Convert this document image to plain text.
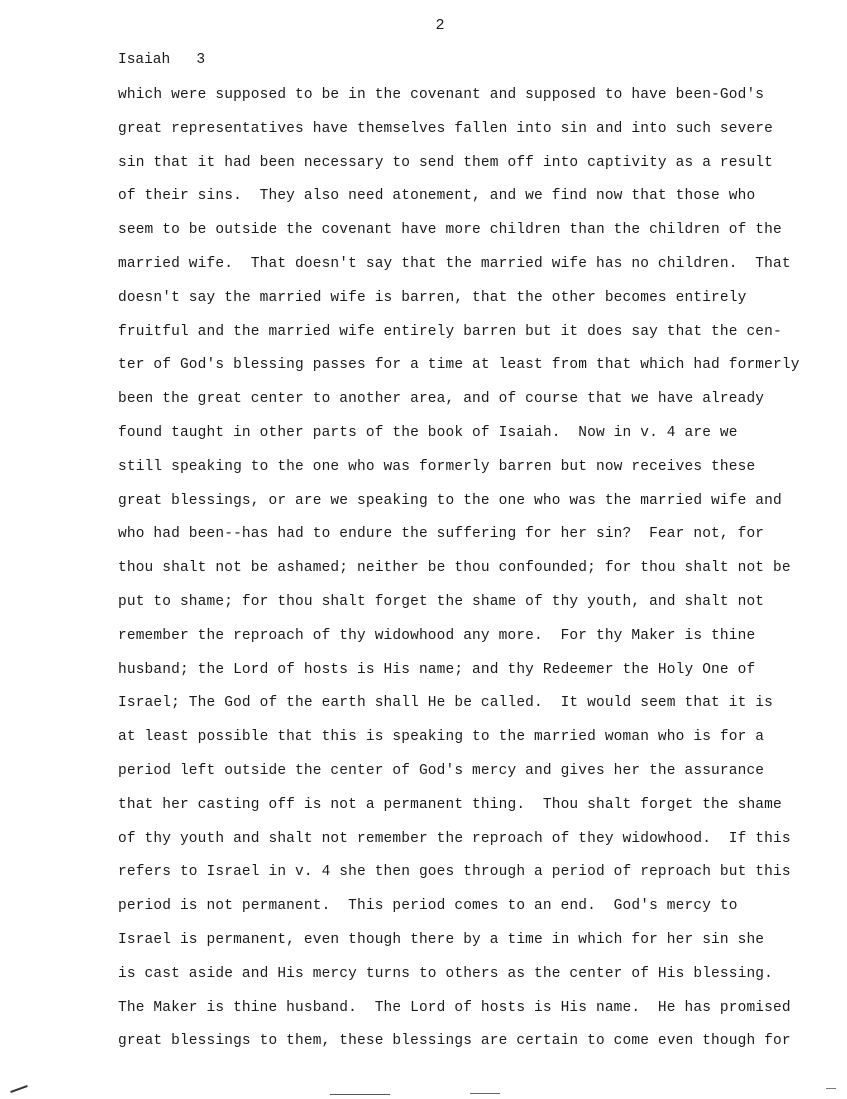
2
Isaiah 3
which were supposed to be in the covenant and supposed to have been-God's
great representatives have themselves fallen into sin and into such severe
sin that it had been necessary to send them off into captivity as a result
of their sins.  They also need atonement, and we find now that those who
seem to be outside the covenant have more children than the children of the
married wife.  That doesn't say that the married wife has no children.  That
doesn't say the married wife is barren, that the other becomes entirely
fruitful and the married wife entirely barren but it does say that the cen-
ter of God's blessing passes for a time at least from that which had formerly
been the great center to another area, and of course that we have already
found taught in other parts of the book of Isaiah.  Now in v. 4 are we
still speaking to the one who was formerly barren but now receives these
great blessings, or are we speaking to the one who was the married wife and
who had been--has had to endure the suffering for her sin?  Fear not, for
thou shalt not be ashamed; neither be thou confounded; for thou shalt not be
put to shame; for thou shalt forget the shame of thy youth, and shalt not
remember the reproach of thy widowhood any more.  For thy Maker is thine
husband; the Lord of hosts is His name; and thy Redeemer the Holy One of
Israel; The God of the earth shall He be called.  It would seem that it is
at least possible that this is speaking to the married woman who is for a
period left outside the center of God's mercy and gives her the assurance
that her casting off is not a permanent thing.  Thou shalt forget the shame
of thy youth and shalt not remember the reproach of they widowhood.  If this
refers to Israel in v. 4 she then goes through a period of reproach but this
period is not permanent.  This period comes to an end.  God's mercy to
Israel is permanent, even though there by a time in which for her sin she
is cast aside and His mercy turns to others as the center of His blessing.
The Maker is thine husband.  The Lord of hosts is His name.  He has promised
great blessings to them, these blessings are certain to come even though for
